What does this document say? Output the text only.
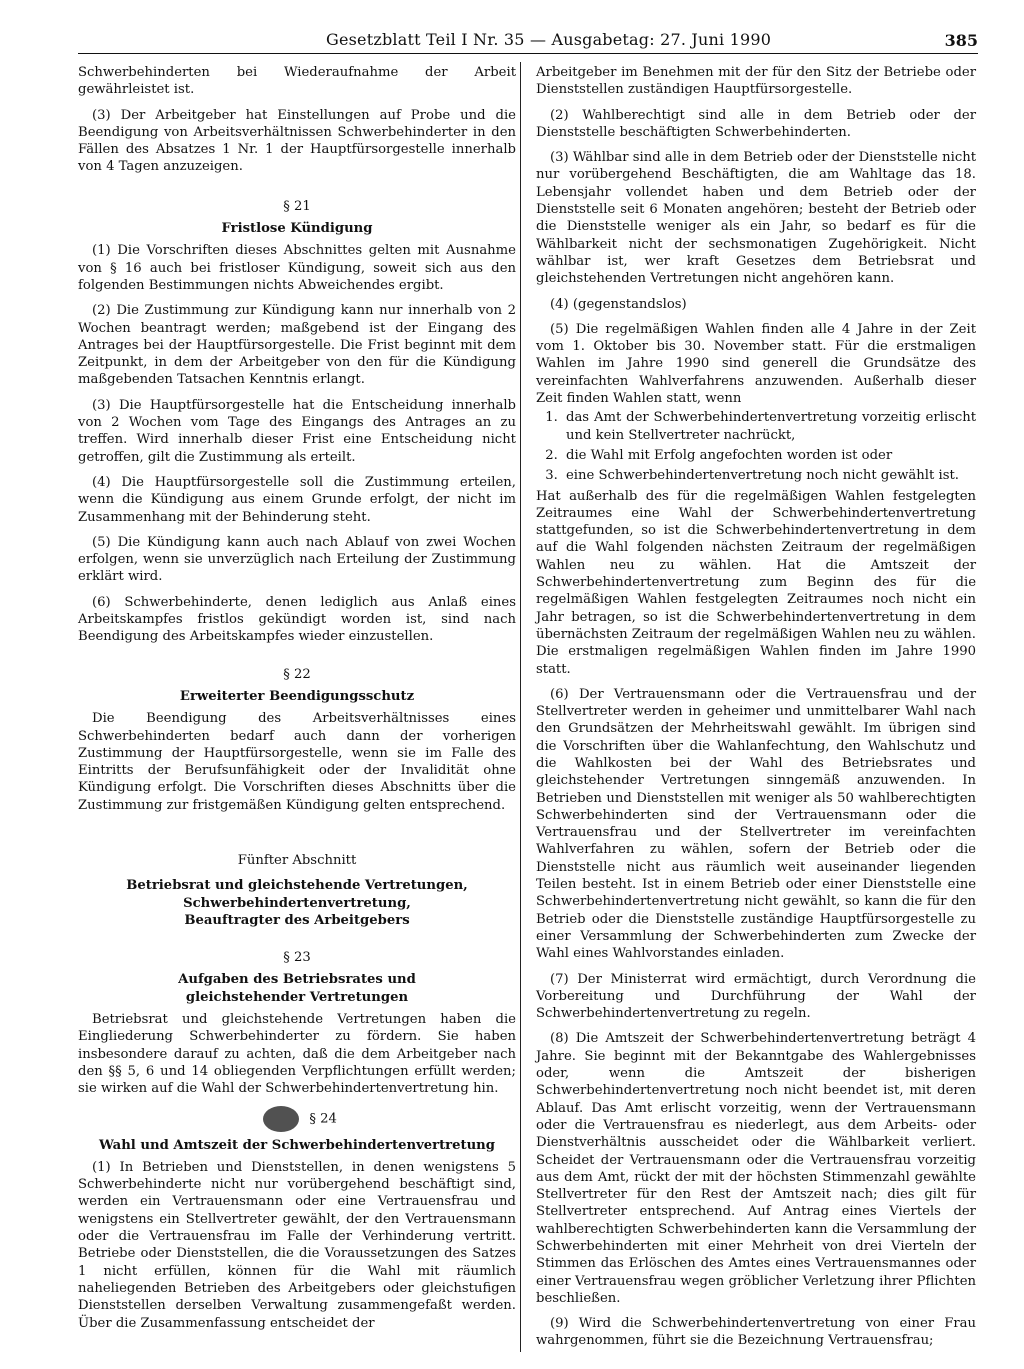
Gesetzblatt Teil I Nr. 35 — Ausgabetag: 27. Juni 1990	385

Schwerbehinderten bei Wiederaufnahme der Arbeit gewährleistet ist.

(3) Der Arbeitgeber hat Einstellungen auf Probe und die Beendigung von Arbeitsverhältnissen Schwerbehinderter in den Fällen des Absatzes 1 Nr. 1 der Hauptfürsorgestelle innerhalb von 4 Tagen anzuzeigen.

§ 21
Fristlose Kündigung

(1) Die Vorschriften dieses Abschnittes gelten mit Ausnahme von § 16 auch bei fristloser Kündigung, soweit sich aus den folgenden Bestimmungen nichts Abweichendes ergibt.

(2) Die Zustimmung zur Kündigung kann nur innerhalb von 2 Wochen beantragt werden; maßgebend ist der Eingang des Antrages bei der Hauptfürsorgestelle. Die Frist beginnt mit dem Zeitpunkt, in dem der Arbeitgeber von den für die Kündigung maßgebenden Tatsachen Kenntnis erlangt.

(3) Die Hauptfürsorgestelle hat die Entscheidung innerhalb von 2 Wochen vom Tage des Eingangs des Antrages an zu treffen. Wird innerhalb dieser Frist eine Entscheidung nicht getroffen, gilt die Zustimmung als erteilt.

(4) Die Hauptfürsorgestelle soll die Zustimmung erteilen, wenn die Kündigung aus einem Grunde erfolgt, der nicht im Zusammenhang mit der Behinderung steht.

(5) Die Kündigung kann auch nach Ablauf von zwei Wochen erfolgen, wenn sie unverzüglich nach Erteilung der Zustimmung erklärt wird.

(6) Schwerbehinderte, denen lediglich aus Anlaß eines Arbeitskampfes fristlos gekündigt worden ist, sind nach Beendigung des Arbeitskampfes wieder einzustellen.

§ 22
Erweiterter Beendigungsschutz

Die Beendigung des Arbeitsverhältnisses eines Schwerbehinderten bedarf auch dann der vorherigen Zustimmung der Hauptfürsorgestelle, wenn sie im Falle des Eintritts der Berufsunfähigkeit oder der Invalidität ohne Kündigung erfolgt. Die Vorschriften dieses Abschnitts über die Zustimmung zur fristgemäßen Kündigung gelten entsprechend.

Fünfter Abschnitt
Betriebsrat und gleichstehende Vertretungen,
Schwerbehindertenvertretung,
Beauftragter des Arbeitgebers
§ 23
Aufgaben des Betriebsrates und
gleichstehender Vertretungen

Betriebsrat und gleichstehende Vertretungen haben die Eingliederung Schwerbehinderter zu fördern. Sie haben insbesondere darauf zu achten, daß die dem Arbeitgeber nach den §§ 5, 6 und 14 obliegenden Verpflichtungen erfüllt werden; sie wirken auf die Wahl der Schwerbehindertenvertretung hin.

§ 24
Wahl und Amtszeit der Schwerbehindertenvertretung

(1) In Betrieben und Dienststellen, in denen wenigstens 5 Schwerbehinderte nicht nur vorübergehend beschäftigt sind, werden ein Vertrauensmann oder eine Vertrauensfrau und wenigstens ein Stellvertreter gewählt, der den Vertrauensmann oder die Vertrauensfrau im Falle der Verhinderung vertritt. Betriebe oder Dienststellen, die die Voraussetzungen des Satzes 1 nicht erfüllen, können für die Wahl mit räumlich naheliegenden Betrieben des Arbeitgebers oder gleichstufigen Dienststellen derselben Verwaltung zusammengefaßt werden. Über die Zusammenfassung entscheidet der

Arbeitgeber im Benehmen mit der für den Sitz der Betriebe oder Dienststellen zuständigen Hauptfürsorgestelle.

(2) Wahlberechtigt sind alle in dem Betrieb oder der Dienststelle beschäftigten Schwerbehinderten.

(3) Wählbar sind alle in dem Betrieb oder der Dienststelle nicht nur vorübergehend Beschäftigten, die am Wahltage das 18. Lebensjahr vollendet haben und dem Betrieb oder der Dienststelle seit 6 Monaten angehören; besteht der Betrieb oder die Dienststelle weniger als ein Jahr, so bedarf es für die Wählbarkeit nicht der sechsmonatigen Zugehörigkeit. Nicht wählbar ist, wer kraft Gesetzes dem Betriebsrat und gleichstehenden Vertretungen nicht angehören kann.

(4) (gegenstandslos)

(5) Die regelmäßigen Wahlen finden alle 4 Jahre in der Zeit vom 1. Oktober bis 30. November statt. Für die erstmaligen Wahlen im Jahre 1990 sind generell die Grundsätze des vereinfachten Wahlverfahrens anzuwenden. Außerhalb dieser Zeit finden Wahlen statt, wenn

1. das Amt der Schwerbehindertenvertretung vorzeitig erlischt und kein Stellvertreter nachrückt,
2. die Wahl mit Erfolg angefochten worden ist oder
3. eine Schwerbehindertenvertretung noch nicht gewählt ist.

Hat außerhalb des für die regelmäßigen Wahlen festgelegten Zeitraumes eine Wahl der Schwerbehindertenvertretung stattgefunden, so ist die Schwerbehindertenvertretung in dem auf die Wahl folgenden nächsten Zeitraum der regelmäßigen Wahlen neu zu wählen. Hat die Amtszeit der Schwerbehindertenvertretung zum Beginn des für die regelmäßigen Wahlen festgelegten Zeitraumes noch nicht ein Jahr betragen, so ist die Schwerbehindertenvertretung in dem übernächsten Zeitraum der regelmäßigen Wahlen neu zu wählen. Die erstmaligen regelmäßigen Wahlen finden im Jahre 1990 statt.

(6) Der Vertrauensmann oder die Vertrauensfrau und der Stellvertreter werden in geheimer und unmittelbarer Wahl nach den Grundsätzen der Mehrheitswahl gewählt. Im übrigen sind die Vorschriften über die Wahlanfechtung, den Wahlschutz und die Wahlkosten bei der Wahl des Betriebsrates und gleichstehender Vertretungen sinngemäß anzuwenden. In Betrieben und Dienststellen mit weniger als 50 wahlberechtigten Schwerbehinderten sind der Vertrauensmann oder die Vertrauensfrau und der Stellvertreter im vereinfachten Wahlverfahren zu wählen, sofern der Betrieb oder die Dienststelle nicht aus räumlich weit auseinander liegenden Teilen besteht. Ist in einem Betrieb oder einer Dienststelle eine Schwerbehindertenvertretung nicht gewählt, so kann die für den Betrieb oder die Dienststelle zuständige Hauptfürsorgestelle zu einer Versammlung der Schwerbehinderten zum Zwecke der Wahl eines Wahlvorstandes einladen.

(7) Der Ministerrat wird ermächtigt, durch Verordnung die Vorbereitung und Durchführung der Wahl der Schwerbehindertenvertretung zu regeln.

(8) Die Amtszeit der Schwerbehindertenvertretung beträgt 4 Jahre. Sie beginnt mit der Bekanntgabe des Wahlergebnisses oder, wenn die Amtszeit der bisherigen Schwerbehindertenvertretung noch nicht beendet ist, mit deren Ablauf. Das Amt erlischt vorzeitig, wenn der Vertrauensmann oder die Vertrauensfrau es niederlegt, aus dem Arbeits- oder Dienstverhältnis ausscheidet oder die Wählbarkeit verliert. Scheidet der Vertrauensmann oder die Vertrauensfrau vorzeitig aus dem Amt, rückt der mit der höchsten Stimmenzahl gewählte Stellvertreter für den Rest der Amtszeit nach; dies gilt für Stellvertreter entsprechend. Auf Antrag eines Viertels der wahlberechtigten Schwerbehinderten kann die Versammlung der Schwerbehinderten mit einer Mehrheit von drei Vierteln der Stimmen das Erlöschen des Amtes eines Vertrauensmannes oder einer Vertrauensfrau wegen gröblicher Verletzung ihrer Pflichten beschließen.

(9) Wird die Schwerbehindertenvertretung von einer Frau wahrgenommen, führt sie die Bezeichnung Vertrauensfrau;
